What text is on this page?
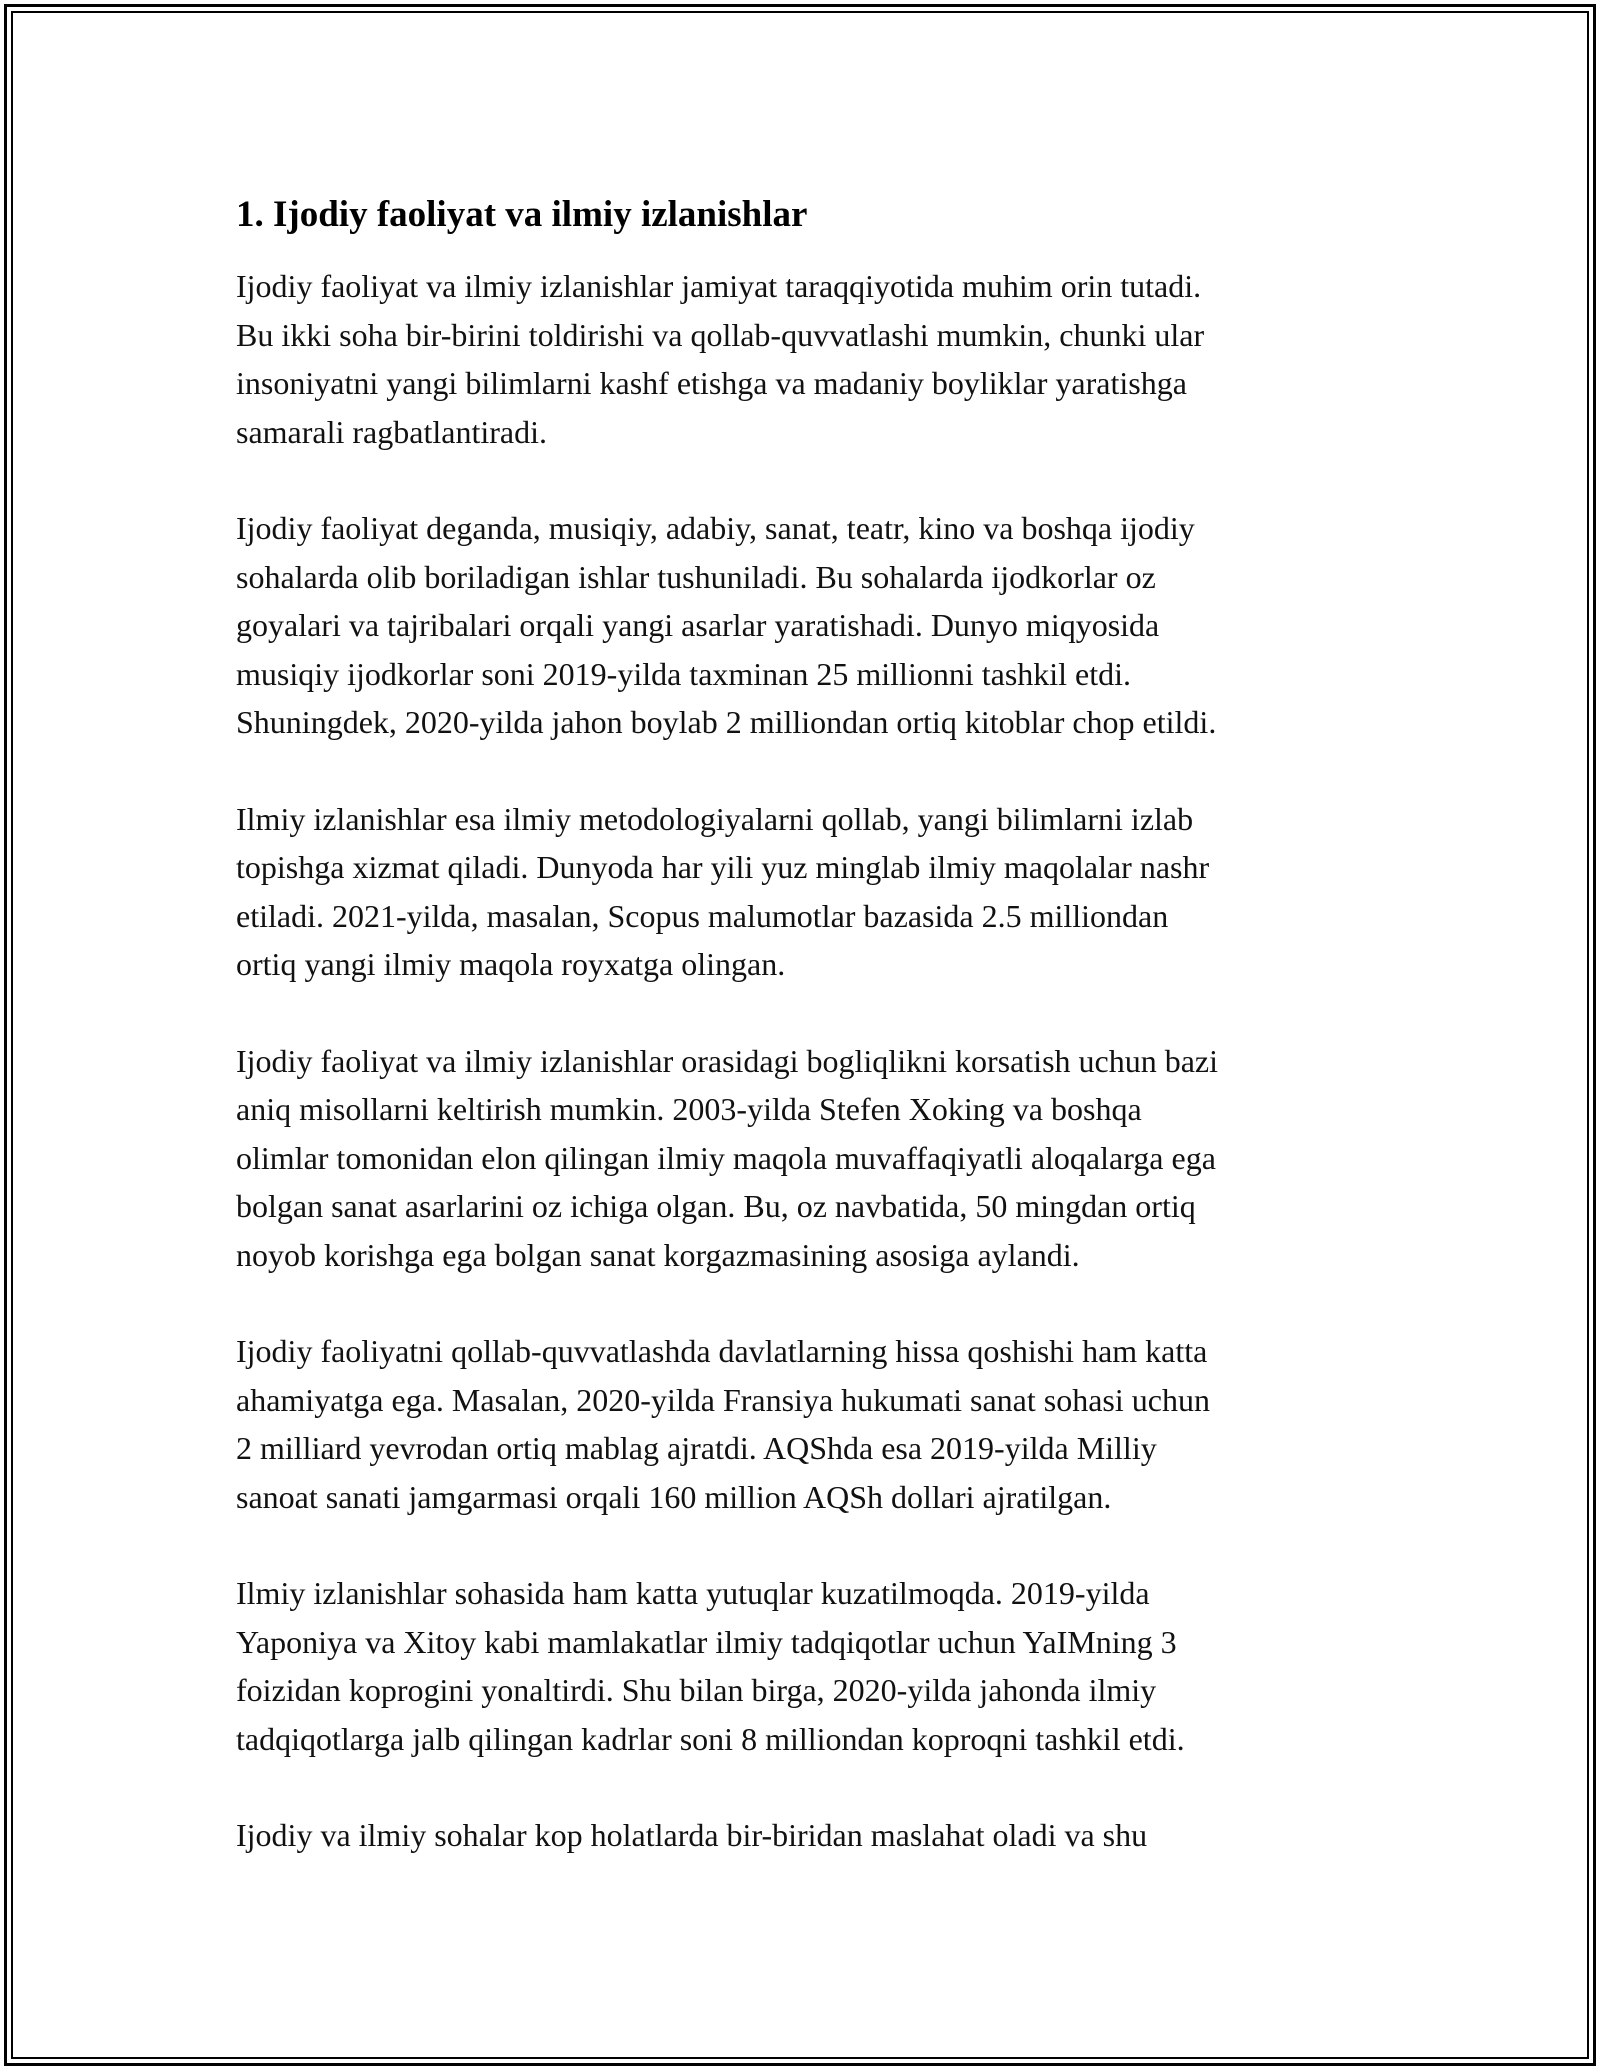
1. Ijodiy faoliyat va ilmiy izlanishlar

Ijodiy faoliyat va ilmiy izlanishlar jamiyat taraqqiyotida muhim orin tutadi.
Bu ikki soha bir-birini toldirishi va qollab-quvvatlashi mumkin, chunki ular
insoniyatni yangi bilimlarni kashf etishga va madaniy boyliklar yaratishga
samarali ragbatlantiradi.

Ijodiy faoliyat deganda, musiqiy, adabiy, sanat, teatr, kino va boshqa ijodiy
sohalarda olib boriladigan ishlar tushuniladi. Bu sohalarda ijodkorlar oz
goyalari va tajribalari orqali yangi asarlar yaratishadi. Dunyo miqyosida
musiqiy ijodkorlar soni 2019-yilda taxminan 25 millionni tashkil etdi.
Shuningdek, 2020-yilda jahon boylab 2 milliondan ortiq kitoblar chop etildi.

Ilmiy izlanishlar esa ilmiy metodologiyalarni qollab, yangi bilimlarni izlab
topishga xizmat qiladi. Dunyoda har yili yuz minglab ilmiy maqolalar nashr
etiladi. 2021-yilda, masalan, Scopus malumotlar bazasida 2.5 milliondan
ortiq yangi ilmiy maqola royxatga olingan.

Ijodiy faoliyat va ilmiy izlanishlar orasidagi bogliqlikni korsatish uchun bazi
aniq misollarni keltirish mumkin. 2003-yilda Stefen Xoking va boshqa
olimlar tomonidan elon qilingan ilmiy maqola muvaffaqiyatli aloqalarga ega
bolgan sanat asarlarini oz ichiga olgan. Bu, oz navbatida, 50 mingdan ortiq
noyob korishga ega bolgan sanat korgazmasining asosiga aylandi.

Ijodiy faoliyatni qollab-quvvatlashda davlatlarning hissa qoshishi ham katta
ahamiyatga ega. Masalan, 2020-yilda Fransiya hukumati sanat sohasi uchun
2 milliard yevrodan ortiq mablag ajratdi. AQShda esa 2019-yilda Milliy
sanoat sanati jamgarmasi orqali 160 million AQSh dollari ajratilgan.

Ilmiy izlanishlar sohasida ham katta yutuqlar kuzatilmoqda. 2019-yilda
Yaponiya va Xitoy kabi mamlakatlar ilmiy tadqiqotlar uchun YaIMning 3
foizidan koprogini yonaltirdi. Shu bilan birga, 2020-yilda jahonda ilmiy
tadqiqotlarga jalb qilingan kadrlar soni 8 milliondan koproqni tashkil etdi.

Ijodiy va ilmiy sohalar kop holatlarda bir-biridan maslahat oladi va shu
